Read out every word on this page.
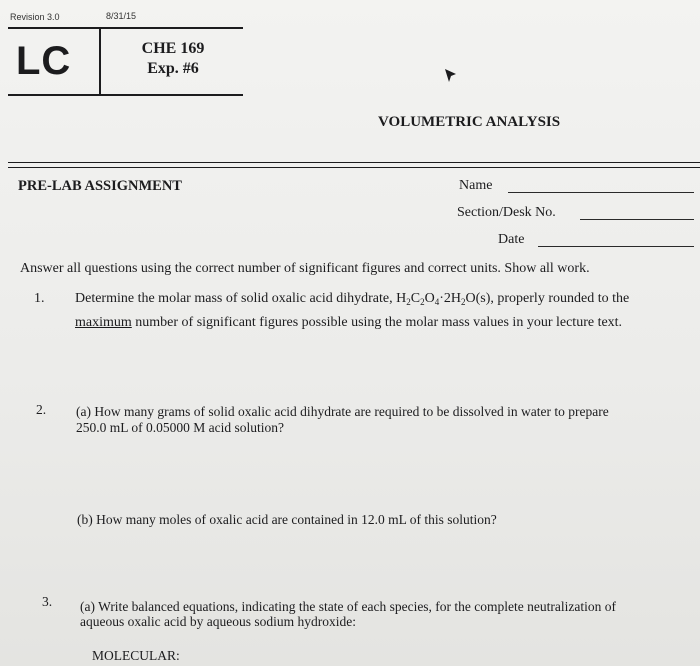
Revision 3.0	8/31/15
LC	CHE 169
Exp. #6
VOLUMETRIC ANALYSIS
PRE-LAB ASSIGNMENT	Name
Section/Desk No.
Date
Answer all questions using the correct number of significant figures and correct units. Show all work.
1. Determine the molar mass of solid oxalic acid dihydrate, $H_2C_2O_4\cdot 2H_2O(s)$, properly rounded to the
maximum number of significant figures possible using the molar mass values in your lecture text.
2. (a) How many grams of solid oxalic acid dihydrate are required to be dissolved in water to prepare
250.0 mL of 0.05000 M acid solution?
(b) How many moles of oxalic acid are contained in 12.0 mL of this solution?
3. (a) Write balanced equations, indicating the state of each species, for the complete neutralization of
aqueous oxalic acid by aqueous sodium hydroxide:
MOLECULAR:
